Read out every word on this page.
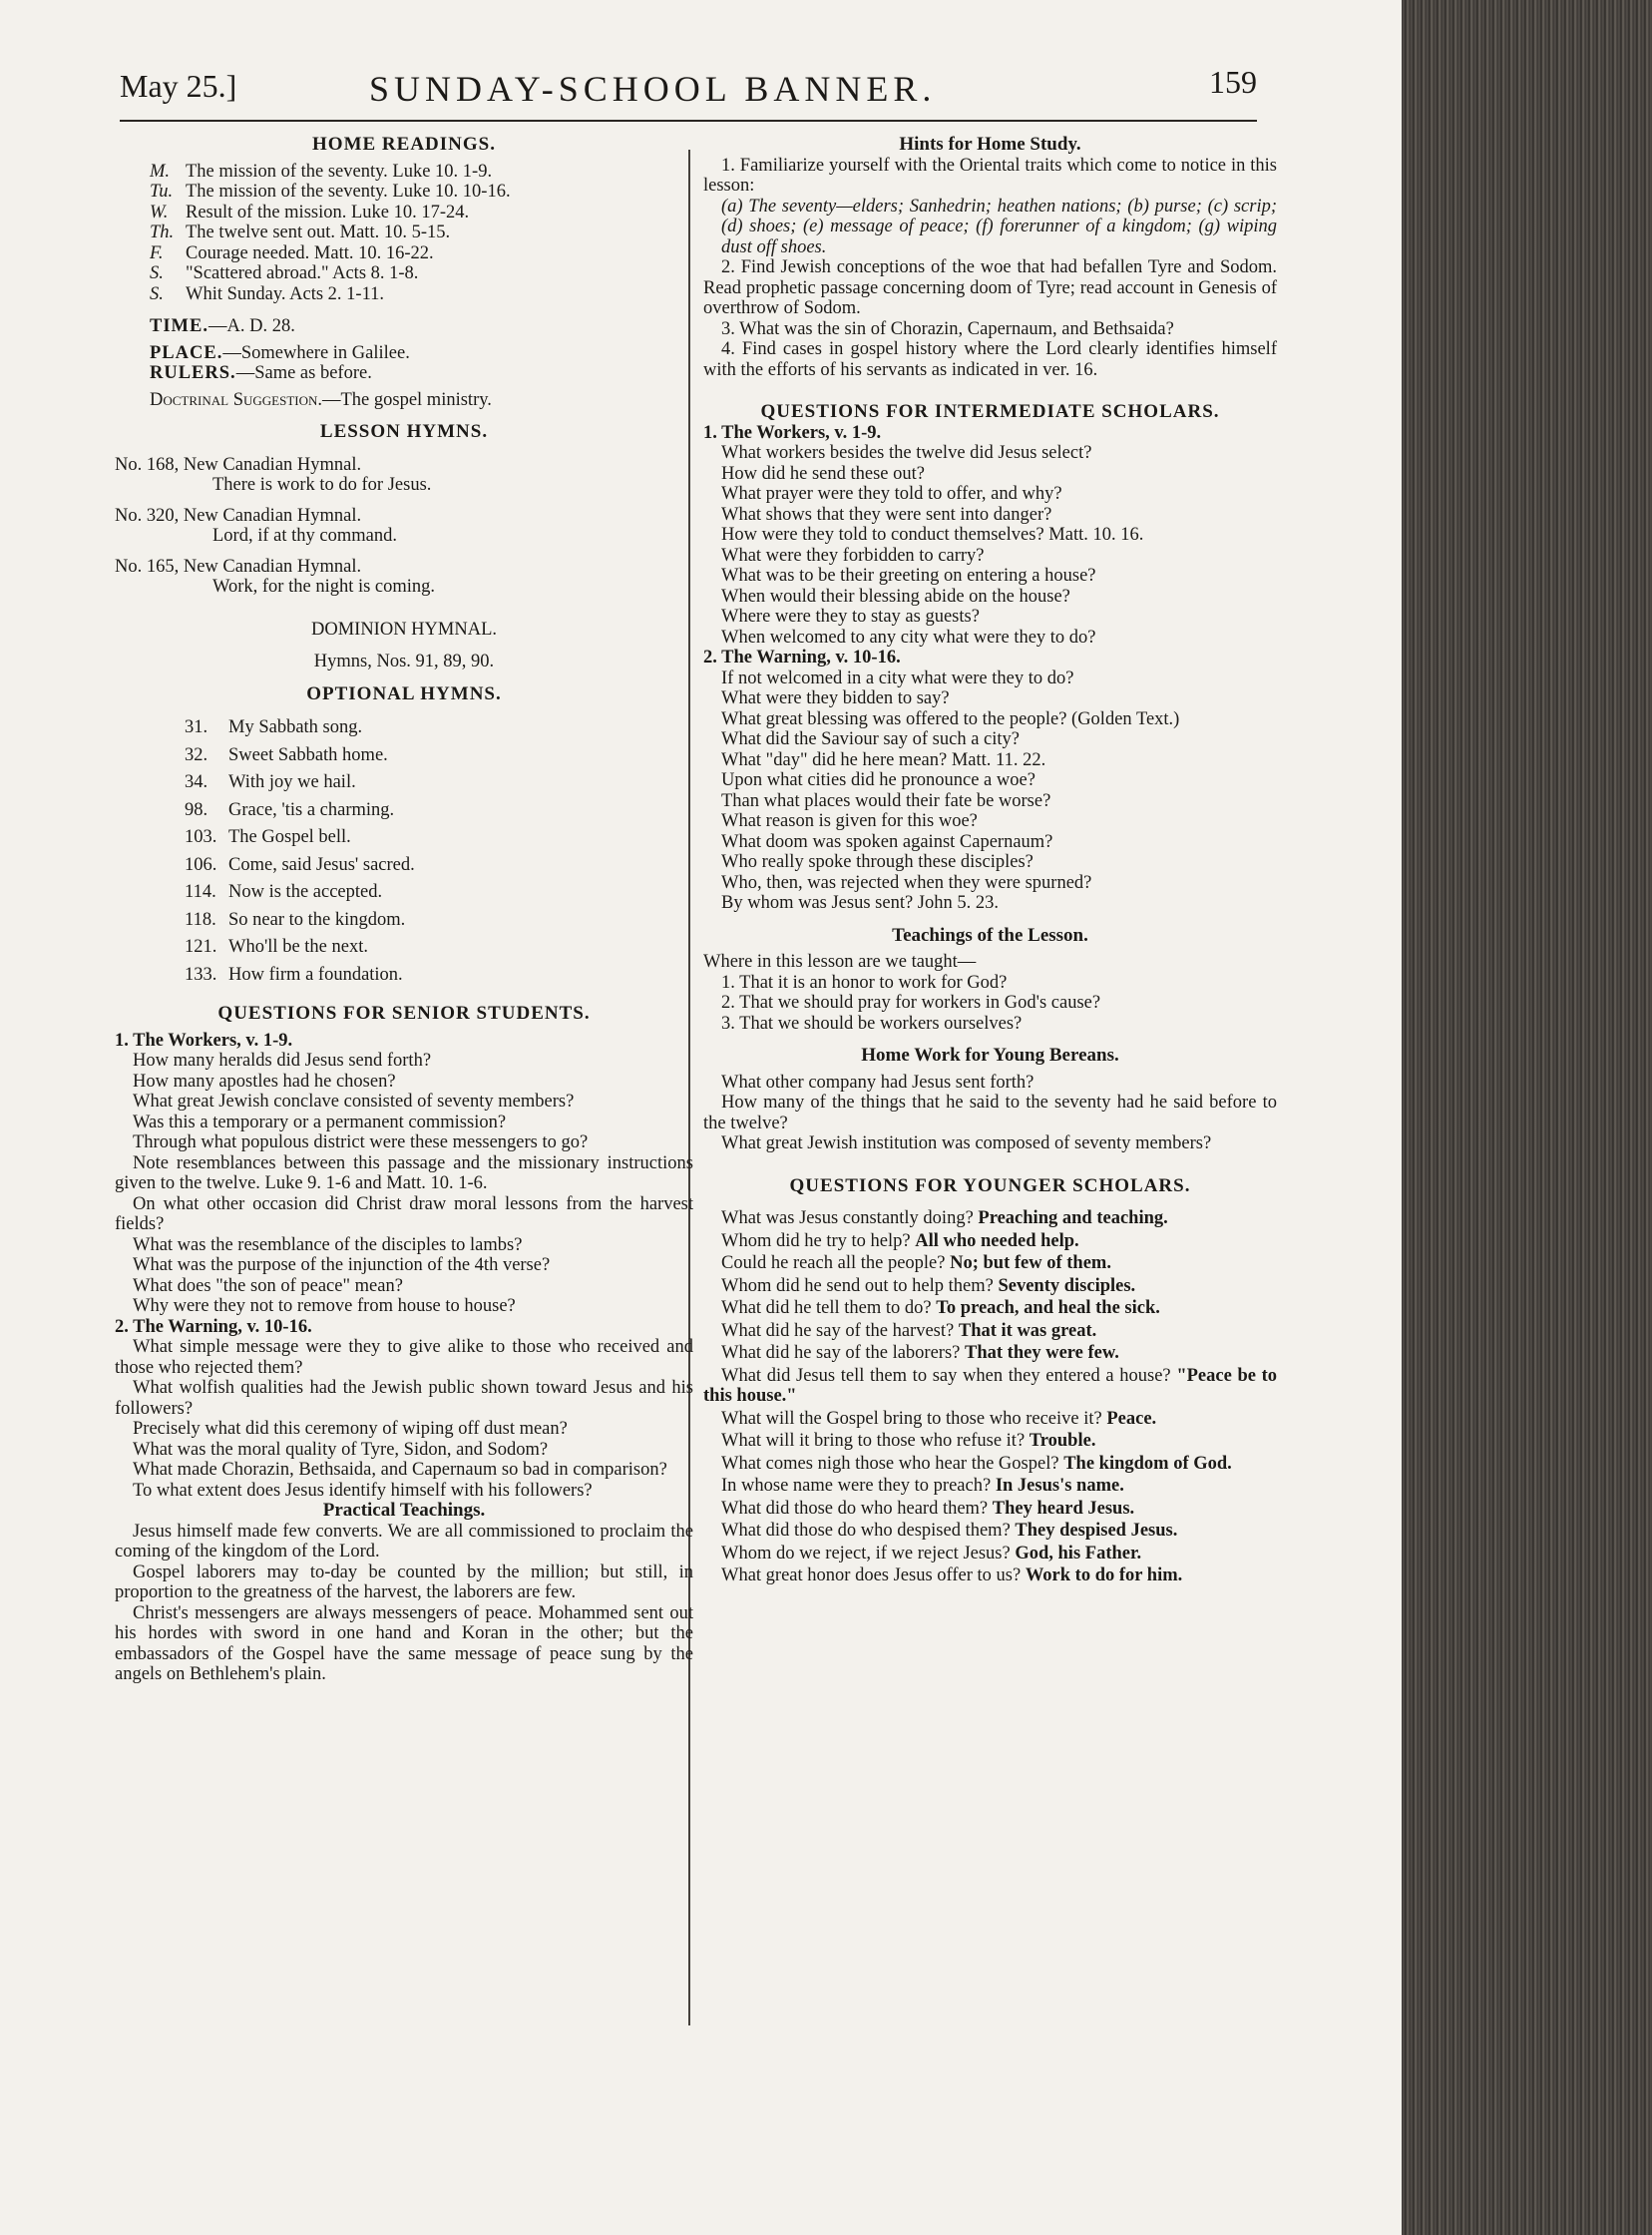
May 25.]	SUNDAY-SCHOOL BANNER.	159
HOME READINGS.
M. The mission of the seventy. Luke 10. 1-9.
Tu. The mission of the seventy. Luke 10. 10-16.
W. Result of the mission. Luke 10. 17-24.
Th. The twelve sent out. Matt. 10. 5-15.
F.	Courage needed. Matt. 10. 16-22.
S.	"Scattered abroad." Acts 8. 1-8.
S.	Whit Sunday. Acts 2. 1-11.
TIME.—A. D. 28.
PLACE.—Somewhere in Galilee.
RULERS.—Same as before.
Doctrinal Suggestion.—The gospel ministry.
LESSON HYMNS.
No. 168, New Canadian Hymnal.
There is work to do for Jesus.
No. 320, New Canadian Hymnal.
Lord, if at thy command.
No. 165, New Canadian Hymnal.
Work, for the night is coming.
DOMINION HYMNAL.
Hymns, Nos. 91, 89, 90.
OPTIONAL HYMNS.
31.	My Sabbath song.
32.	Sweet Sabbath home.
34.	With joy we hail.
98.	Grace, 'tis a charming.
103. The Gospel bell.
106. Come, said Jesus' sacred.
114. Now is the accepted.
118. So near to the kingdom.
121. Who'll be the next.
133. How firm a foundation.
QUESTIONS FOR SENIOR STUDENTS.
1. The Workers, v. 1-9.
How many heralds did Jesus send forth?
How many apostles had he chosen?
What great Jewish conclave consisted of seventy members?
Was this a temporary or a permanent commission?
Through what populous district were these messengers to go?
Note resemblances between this passage and the missionary instructions given to the twelve. Luke 9. 1-6 and Matt. 10. 1-6.
On what other occasion did Christ draw moral lessons from the harvest fields?
What was the resemblance of the disciples to lambs?
What was the purpose of the injunction of the 4th verse?
What does "the son of peace" mean?
Why were they not to remove from house to house?
2. The Warning, v. 10-16.
What simple message were they to give alike to those who received and those who rejected them?
What wolfish qualities had the Jewish public shown toward Jesus and his followers?
Precisely what did this ceremony of wiping off dust mean?
What was the moral quality of Tyre, Sidon, and Sodom?
What made Chorazin, Bethsaida, and Capernaum so bad in comparison?
To what extent does Jesus identify himself with his followers?
Practical Teachings.
Jesus himself made few converts. We are all commissioned to proclaim the coming of the kingdom of the Lord.
Gospel laborers may to-day be counted by the million; but still, in proportion to the greatness of the harvest, the laborers are few.
Christ's messengers are always messengers of peace. Mohammed sent out his hordes with sword in one hand and Koran in the other; but the embassadors of the Gospel have the same message of peace sung by the angels on Bethlehem's plain.
Hints for Home Study.
1. Familiarize yourself with the Oriental traits which come to notice in this lesson:
(a) The seventy—elders; Sanhedrin; heathen nations; (b) purse; (c) scrip; (d) shoes; (e) message of peace; (f) forerunner of a kingdom; (g) wiping dust off shoes.
2. Find Jewish conceptions of the woe that had befallen Tyre and Sodom. Read prophetic passage concerning doom of Tyre; read account in Genesis of overthrow of Sodom.
3. What was the sin of Chorazin, Capernaum, and Bethsaida?
4. Find cases in gospel history where the Lord clearly identifies himself with the efforts of his servants as indicated in ver. 16.
QUESTIONS FOR INTERMEDIATE SCHOLARS.
1. The Workers, v. 1-9.
What workers besides the twelve did Jesus select?
How did he send these out?
What prayer were they told to offer, and why?
What shows that they were sent into danger?
How were they told to conduct themselves? Matt. 10. 16.
What were they forbidden to carry?
What was to be their greeting on entering a house?
When would their blessing abide on the house?
Where were they to stay as guests?
When welcomed to any city what were they to do?
2. The Warning, v. 10-16.
If not welcomed in a city what were they to do?
What were they bidden to say?
What great blessing was offered to the people? (Golden Text.)
What did the Saviour say of such a city?
What "day" did he here mean? Matt. 11. 22.
Upon what cities did he pronounce a woe?
Than what places would their fate be worse?
What reason is given for this woe?
What doom was spoken against Capernaum?
Who really spoke through these disciples?
Who, then, was rejected when they were spurned?
By whom was Jesus sent? John 5. 23.
Teachings of the Lesson.
Where in this lesson are we taught—
1. That it is an honor to work for God?
2. That we should pray for workers in God's cause?
3. That we should be workers ourselves?
Home Work for Young Bereans.
What other company had Jesus sent forth?
How many of the things that he said to the seventy had he said before to the twelve?
What great Jewish institution was composed of seventy members?
QUESTIONS FOR YOUNGER SCHOLARS.
What was Jesus constantly doing? Preaching and teaching.
Whom did he try to help? All who needed help.
Could he reach all the people? No; but few of them.
Whom did he send out to help them? Seventy disciples.
What did he tell them to do? To preach, and heal the sick.
What did he say of the harvest? That it was great.
What did he say of the laborers? That they were few.
What did Jesus tell them to say when they entered a house? "Peace be to this house."
What will the Gospel bring to those who receive it? Peace.
What will it bring to those who refuse it? Trouble.
What comes nigh those who hear the Gospel? The kingdom of God.
In whose name were they to preach? In Jesus's name.
What did those do who heard them? They heard Jesus.
What did those do who despised them? They despised Jesus.
Whom do we reject, if we reject Jesus? God, his Father.
What great honor does Jesus offer to us? Work to do for him.
